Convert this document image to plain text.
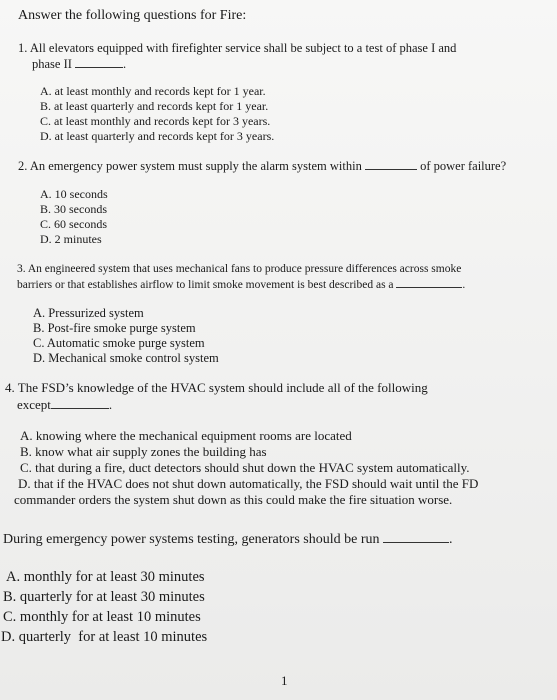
Answer the following questions for Fire:
1. All elevators equipped with firefighter service shall be subject to a test of phase I and
phase II	.
A. at least monthly and records kept for 1 year.
B. at least quarterly and records kept for 1 year.
C. at least monthly and records kept for 3 years.
D. at least quarterly and records kept for 3 years.
2. An emergency power system must supply the alarm system within	of power failure?
A. 10 seconds
B. 30 seconds
C. 60 seconds
D. 2 minutes
3. An engineered system that uses mechanical fans to produce pressure differences across smoke
barriers or that establishes airflow to limit smoke movement is best described as a	.
A. Pressurized system
B. Post-fire smoke purge system
C. Automatic smoke purge system
D. Mechanical smoke control system
4. The FSD’s knowledge of the HVAC system should include all of the following
except	.
A. knowing where the mechanical equipment rooms are located
B. know what air supply zones the building has
C. that during a fire, duct detectors should shut down the HVAC system automatically.
D. that if the HVAC does not shut down automatically, the FSD should wait until the FD
commander orders the system shut down as this could make the fire situation worse.
During emergency power systems testing, generators should be run	.
A. monthly for at least 30 minutes
B. quarterly for at least 30 minutes
C. monthly for at least 10 minutes
D. quarterly  for at least 10 minutes
1
